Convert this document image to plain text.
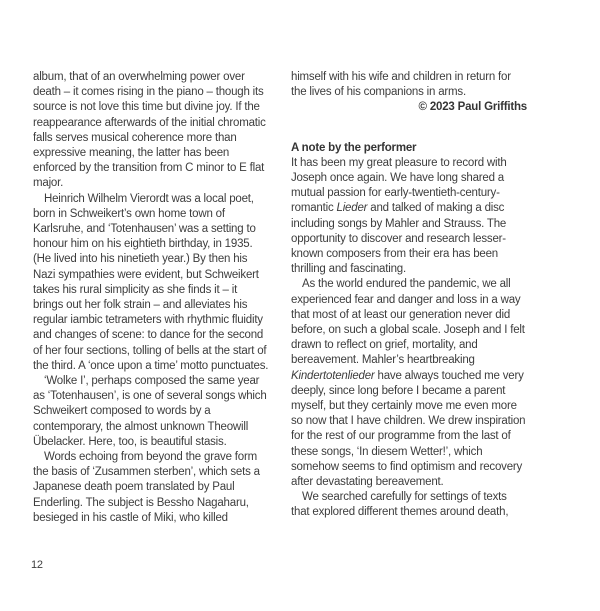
album, that of an overwhelming power over death – it comes rising in the piano – though its source is not love this time but divine joy. If the reappearance afterwards of the initial chromatic falls serves musical coherence more than expressive meaning, the latter has been enforced by the transition from C minor to E flat major.

Heinrich Wilhelm Vierordt was a local poet, born in Schweikert’s own home town of Karlsruhe, and ‘Totenhausen’ was a setting to honour him on his eightieth birthday, in 1935. (He lived into his ninetieth year.) By then his Nazi sympathies were evident, but Schweikert takes his rural simplicity as she finds it – it brings out her folk strain – and alleviates his regular iambic tetrameters with rhythmic fluidity and changes of scene: to dance for the second of her four sections, tolling of bells at the start of the third. A ‘once upon a time’ motto punctuates.

‘Wolke I’, perhaps composed the same year as ‘Totenhausen’, is one of several songs which Schweikert composed to words by a contemporary, the almost unknown Theowill Übelacker. Here, too, is beautiful stasis.

Words echoing from beyond the grave form the basis of ‘Zusammen sterben’, which sets a Japanese death poem translated by Paul Enderling. The subject is Bessho Nagaharu, besieged in his castle of Miki, who killed

himself with his wife and children in return for the lives of his companions in arms.

© 2023 Paul Griffiths

A note by the performer

It has been my great pleasure to record with Joseph once again. We have long shared a mutual passion for early-twentieth-century-romantic Lieder and talked of making a disc including songs by Mahler and Strauss. The opportunity to discover and research lesser-known composers from their era has been thrilling and fascinating.

As the world endured the pandemic, we all experienced fear and danger and loss in a way that most of at least our generation never did before, on such a global scale. Joseph and I felt drawn to reflect on grief, mortality, and bereavement. Mahler’s heartbreaking Kindertotenlieder have always touched me very deeply, since long before I became a parent myself, but they certainly move me even more so now that I have children. We drew inspiration for the rest of our programme from the last of these songs, ‘In diesem Wetter!’, which somehow seems to find optimism and recovery after devastating bereavement.

We searched carefully for settings of texts that explored different themes around death,

12
